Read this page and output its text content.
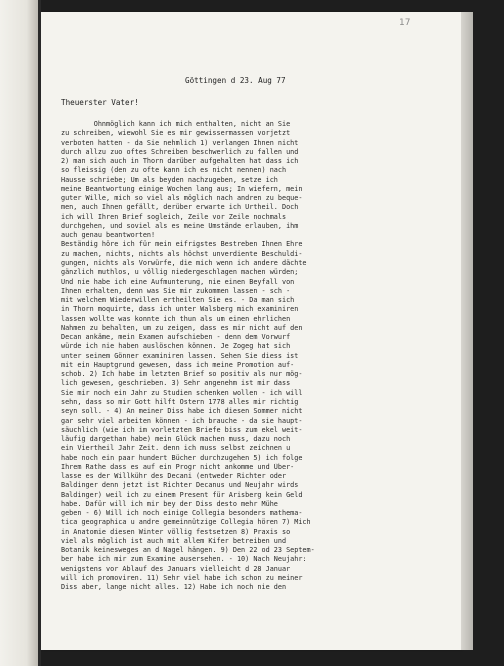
17
Göttingen d 23. Aug 77
Theuerster Vater!
Ohnmöglich kann ich mich enthalten, nicht an Sie
zu schreiben, wiewohl Sie es mir gewissermassen vorjetzt
verboten hatten - da Sie nehmlich 1) verlangen Ihnen nicht
durch allzu zuo oftes Schreiben beschwerlich zu fallen und
2) man sich auch in Thorn darüber aufgehalten hat dass ich
so fleissig (den zu ofte kann ich es nicht nennen) nach
Hausse schriebe; Um als beyden nachzugeben, setze ich
meine Beantwortung einige Wochen lang aus; In wiefern, mein
guter Wille, mich so viel als möglich nach andren zu beque-
men, auch Ihnen gefällt, derüber erwarte ich Urtheil. Doch
ich will Ihren Brief sogleich, Zeile vor Zeile nochmals
durchgehen, und soviel als es meine Umstände erlauben, ihm
auch genau beantworten!
Beständig höre ich für mein eifrigstes Bestreben Ihnen Ehre
zu machen, nichts, nichts als höchst unverdiente Beschuldi-
gungen, nichts als Vorwürfe, die mich wenn ich andere dächte
gänzlich muthlos, u völlig niedergeschlagen machen würden;
Und nie habe ich eine Aufmunterung, nie einen Beyfall von
Ihnen erhalten, denn was Sie mir zukommen lassen - sch -
mit welchem Wiederwillen ertheilten Sie es. - Da man sich
in Thorn moquirte, dass ich unter Walsberg mich examiniren
lassen wollte was konnte ich thun als um einen ehrlichen
Nahmen zu behalten, um zu zeigen, dass es mir nicht auf den
Decan ankäme, mein Examen aufschieben - denn dem Vorwurf
würde ich nie haben auslöschen können. Je Zogeg hat sich
unter seinem Gönner examiniren lassen. Sehen Sie diess ist
mit ein Hauptgrund gewesen, dass ich meine Promotion auf-
schob. 2) Ich habe im letzten Brief so positiv als nur mög-
lich gewesen, geschrieben. 3) Sehr angenehm ist mir dass
Sie mir noch ein Jahr zu Studien schenken wollen - ich will
sehn, dass so mir Gott hilft Ostern 1778 alles mir richtig
seyn soll. - 4) An meiner Diss habe ich diesen Sommer nicht
gar sehr viel arbeiten können - ich brauche - da sie haupt-
säuchlich (wie ich im vorletzten Briefe biss zum ekel weit-
läufig dargethan habe) mein Glück machen muss, dazu noch
ein Viertheil Jahr Zeit. denn ich muss selbst zeichnen u
habe noch ein paar hundert Bücher durchzugehen 5) ich folge
Ihrem Rathe dass es auf ein Progr nicht ankomme und Über-
lasse es der Willkühr des Decani (entweder Richter oder
Baldinger denn jetzt ist Richter Decanus und Neujahr wirds
Baldinger) weil ich zu einem Present für Arisberg kein Geld
habe. Dafür will ich mir bey der Diss desto mehr Mühe
geben - 6) Will ich noch einige Collegia besonders mathema-
tica geographica u andre gemeinnützige Collegia hören 7) Mich
in Anatomie diesen Winter völlig festsetzen 8) Praxis so
viel als möglich ist auch mit allem Kifer betreiben und
Botanik keinesweges an d Nagel hängen. 9) Den 22 od 23 Septem-
ber habe ich mir zum Examine ausersehen. - 10) Nach Neujahr:
wenigstens vor Ablauf des Januars vielleicht d 28 Januar
will ich promoviren. 11) Sehr viel habe ich schon zu meiner
Diss aber, lange nicht alles. 12) Habe ich noch nie den
